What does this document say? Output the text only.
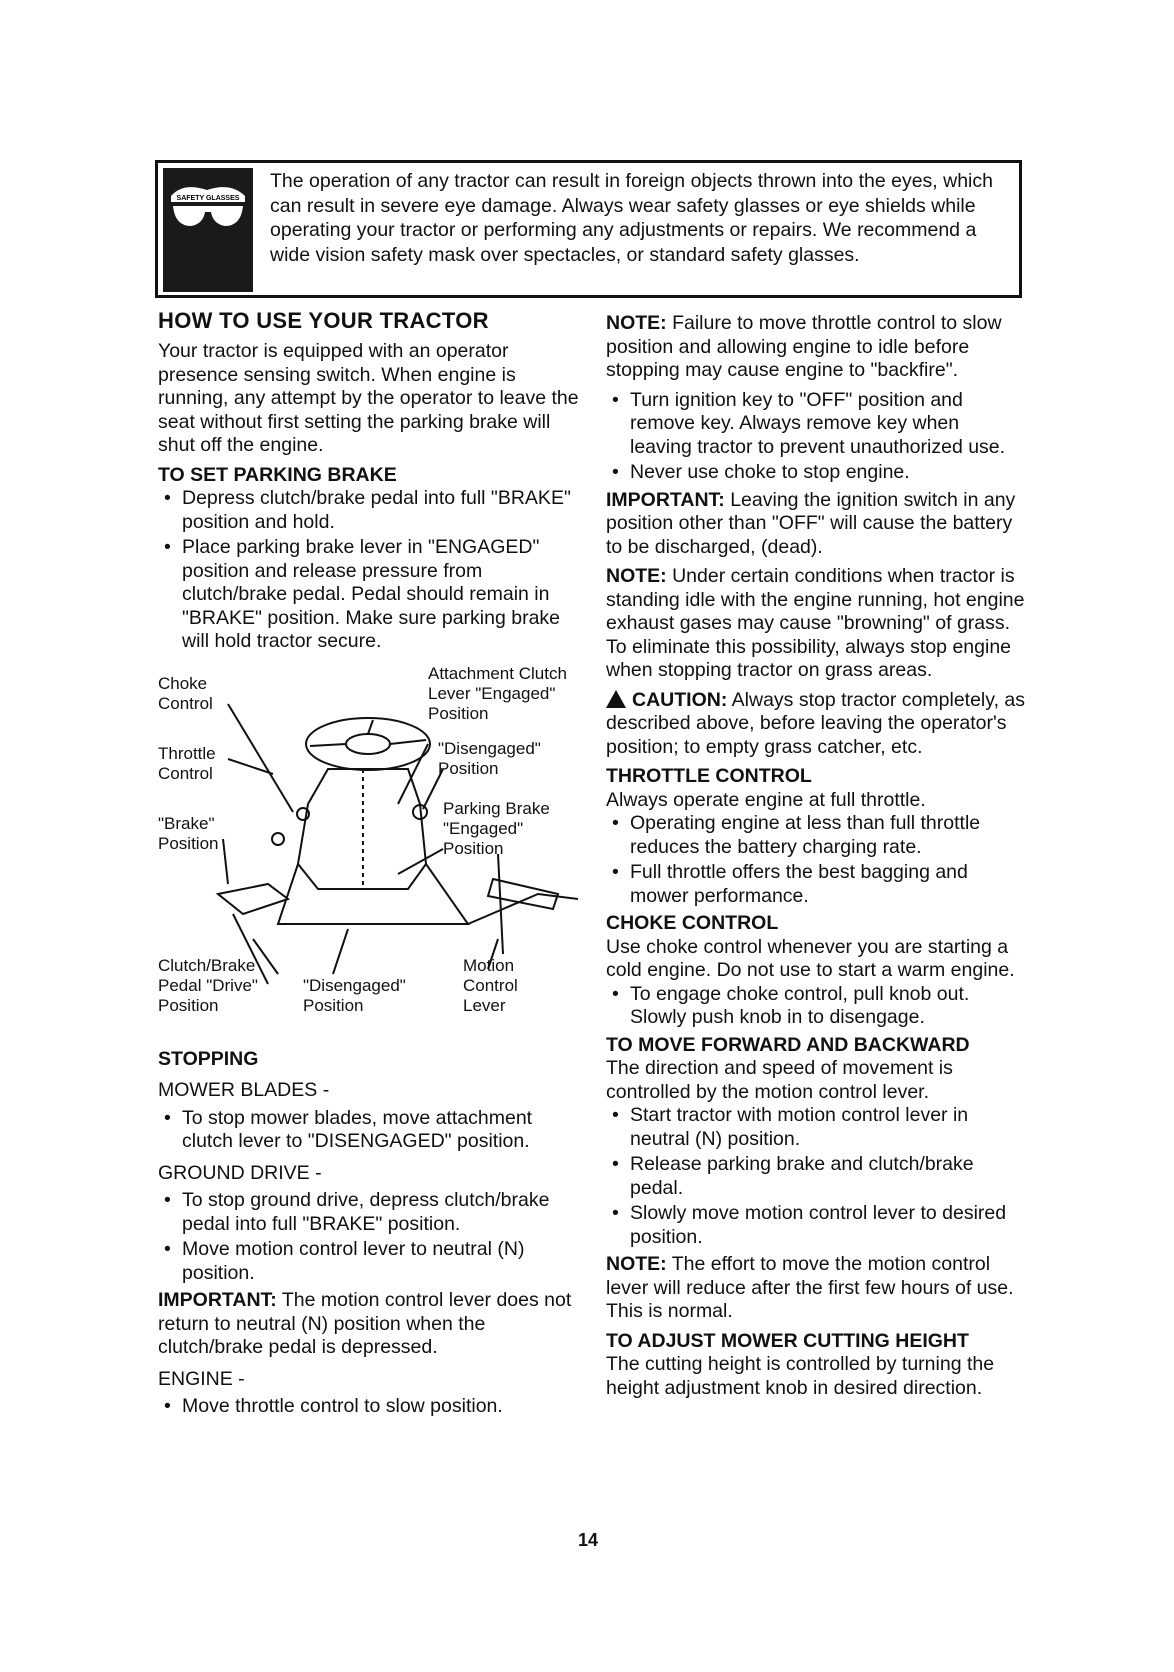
SAFETY GLASSES
The operation of any tractor can result in foreign objects thrown into the eyes, which can result in severe eye damage. Always wear safety glasses or eye shields while operating your tractor or performing any adjustments or repairs. We recommend a wide vision safety mask over spectacles, or standard safety glasses.
HOW TO USE YOUR TRACTOR

Your tractor is equipped with an operator presence sensing switch. When engine is running, any attempt by the operator to leave the seat without first setting the parking brake will shut off the engine.

TO SET PARKING BRAKE
• Depress clutch/brake pedal into full "BRAKE" position and hold.
• Place parking brake lever in "ENGAGED" position and release pressure from clutch/brake pedal. Pedal should remain in "BRAKE" position. Make sure parking brake will hold tractor secure.
Choke
Control
Attachment Clutch
Lever "Engaged"
Position
Throttle
Control
"Disengaged"
Position
"Brake"
Position
Parking Brake
"Engaged"
Position
Clutch/Brake
Pedal "Drive"
Position
"Disengaged"
Position
Motion
Control
Lever
STOPPING
MOWER BLADES -
• To stop mower blades, move attachment clutch lever to "DISENGAGED" position.
GROUND DRIVE -
• To stop ground drive, depress clutch/brake pedal into full "BRAKE" position.
• Move motion control lever to neutral (N) position.

IMPORTANT: The motion control lever does not return to neutral (N) position when the clutch/brake pedal is depressed.

ENGINE -
• Move throttle control to slow position.

NOTE: Failure to move throttle control to slow position and allowing engine to idle before stopping may cause engine to "backfire".

• Turn ignition key to "OFF" position and remove key. Always remove key when leaving tractor to prevent unauthorized use.
• Never use choke to stop engine.

IMPORTANT: Leaving the ignition switch in any position other than "OFF" will cause the battery to be discharged, (dead).

NOTE: Under certain conditions when tractor is standing idle with the engine running, hot engine exhaust gases may cause "browning" of grass. To eliminate this possibility, always stop engine when stopping tractor on grass areas.

CAUTION: Always stop tractor completely, as described above, before leaving the operator's position; to empty grass catcher, etc.

THROTTLE CONTROL

Always operate engine at full throttle.

• Operating engine at less than full throttle reduces the battery charging rate.
• Full throttle offers the best bagging and mower performance.
CHOKE CONTROL

Use choke control whenever you are starting a cold engine. Do not use to start a warm engine.

• To engage choke control, pull knob out. Slowly push knob in to disengage.
TO MOVE FORWARD AND BACKWARD

The direction and speed of movement is controlled by the motion control lever.

• Start tractor with motion control lever in neutral (N) position.
• Release parking brake and clutch/brake pedal.
• Slowly move motion control lever to desired position.

NOTE: The effort to move the motion control lever will reduce after the first few hours of use. This is normal.

TO ADJUST MOWER CUTTING HEIGHT

The cutting height is controlled by turning the height adjustment knob in desired direction.

14
